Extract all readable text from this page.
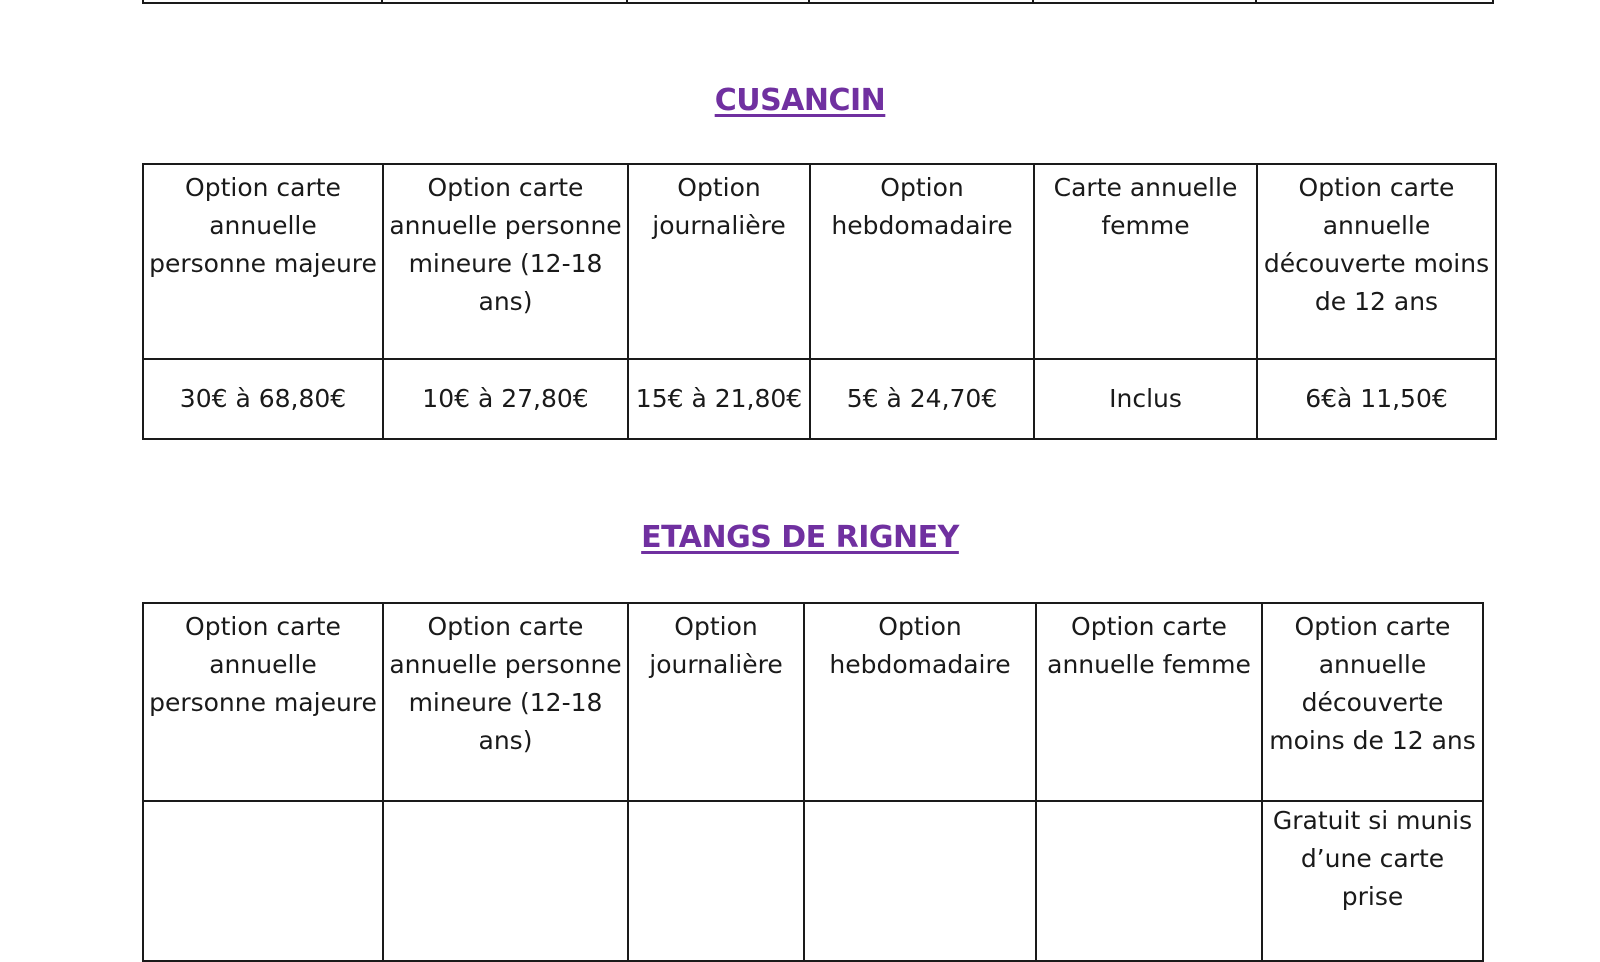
CUSANCIN
Option carte annuelle personne majeure	Option carte annuelle personne mineure (12-18 ans)	Option journalière	Option hebdomadaire	Carte annuelle femme	Option carte annuelle découverte moins de 12 ans
30€ à 68,80€	10€ à 27,80€	15€ à 21,80€	5€ à 24,70€	Inclus	6€à 11,50€
ETANGS DE RIGNEY
Option carte annuelle personne majeure	Option carte annuelle personne mineure (12-18 ans)	Option journalière	Option hebdomadaire	Option carte annuelle femme	Option carte annuelle découverte moins de 12 ans
					Gratuit si munis d’une carte prise
